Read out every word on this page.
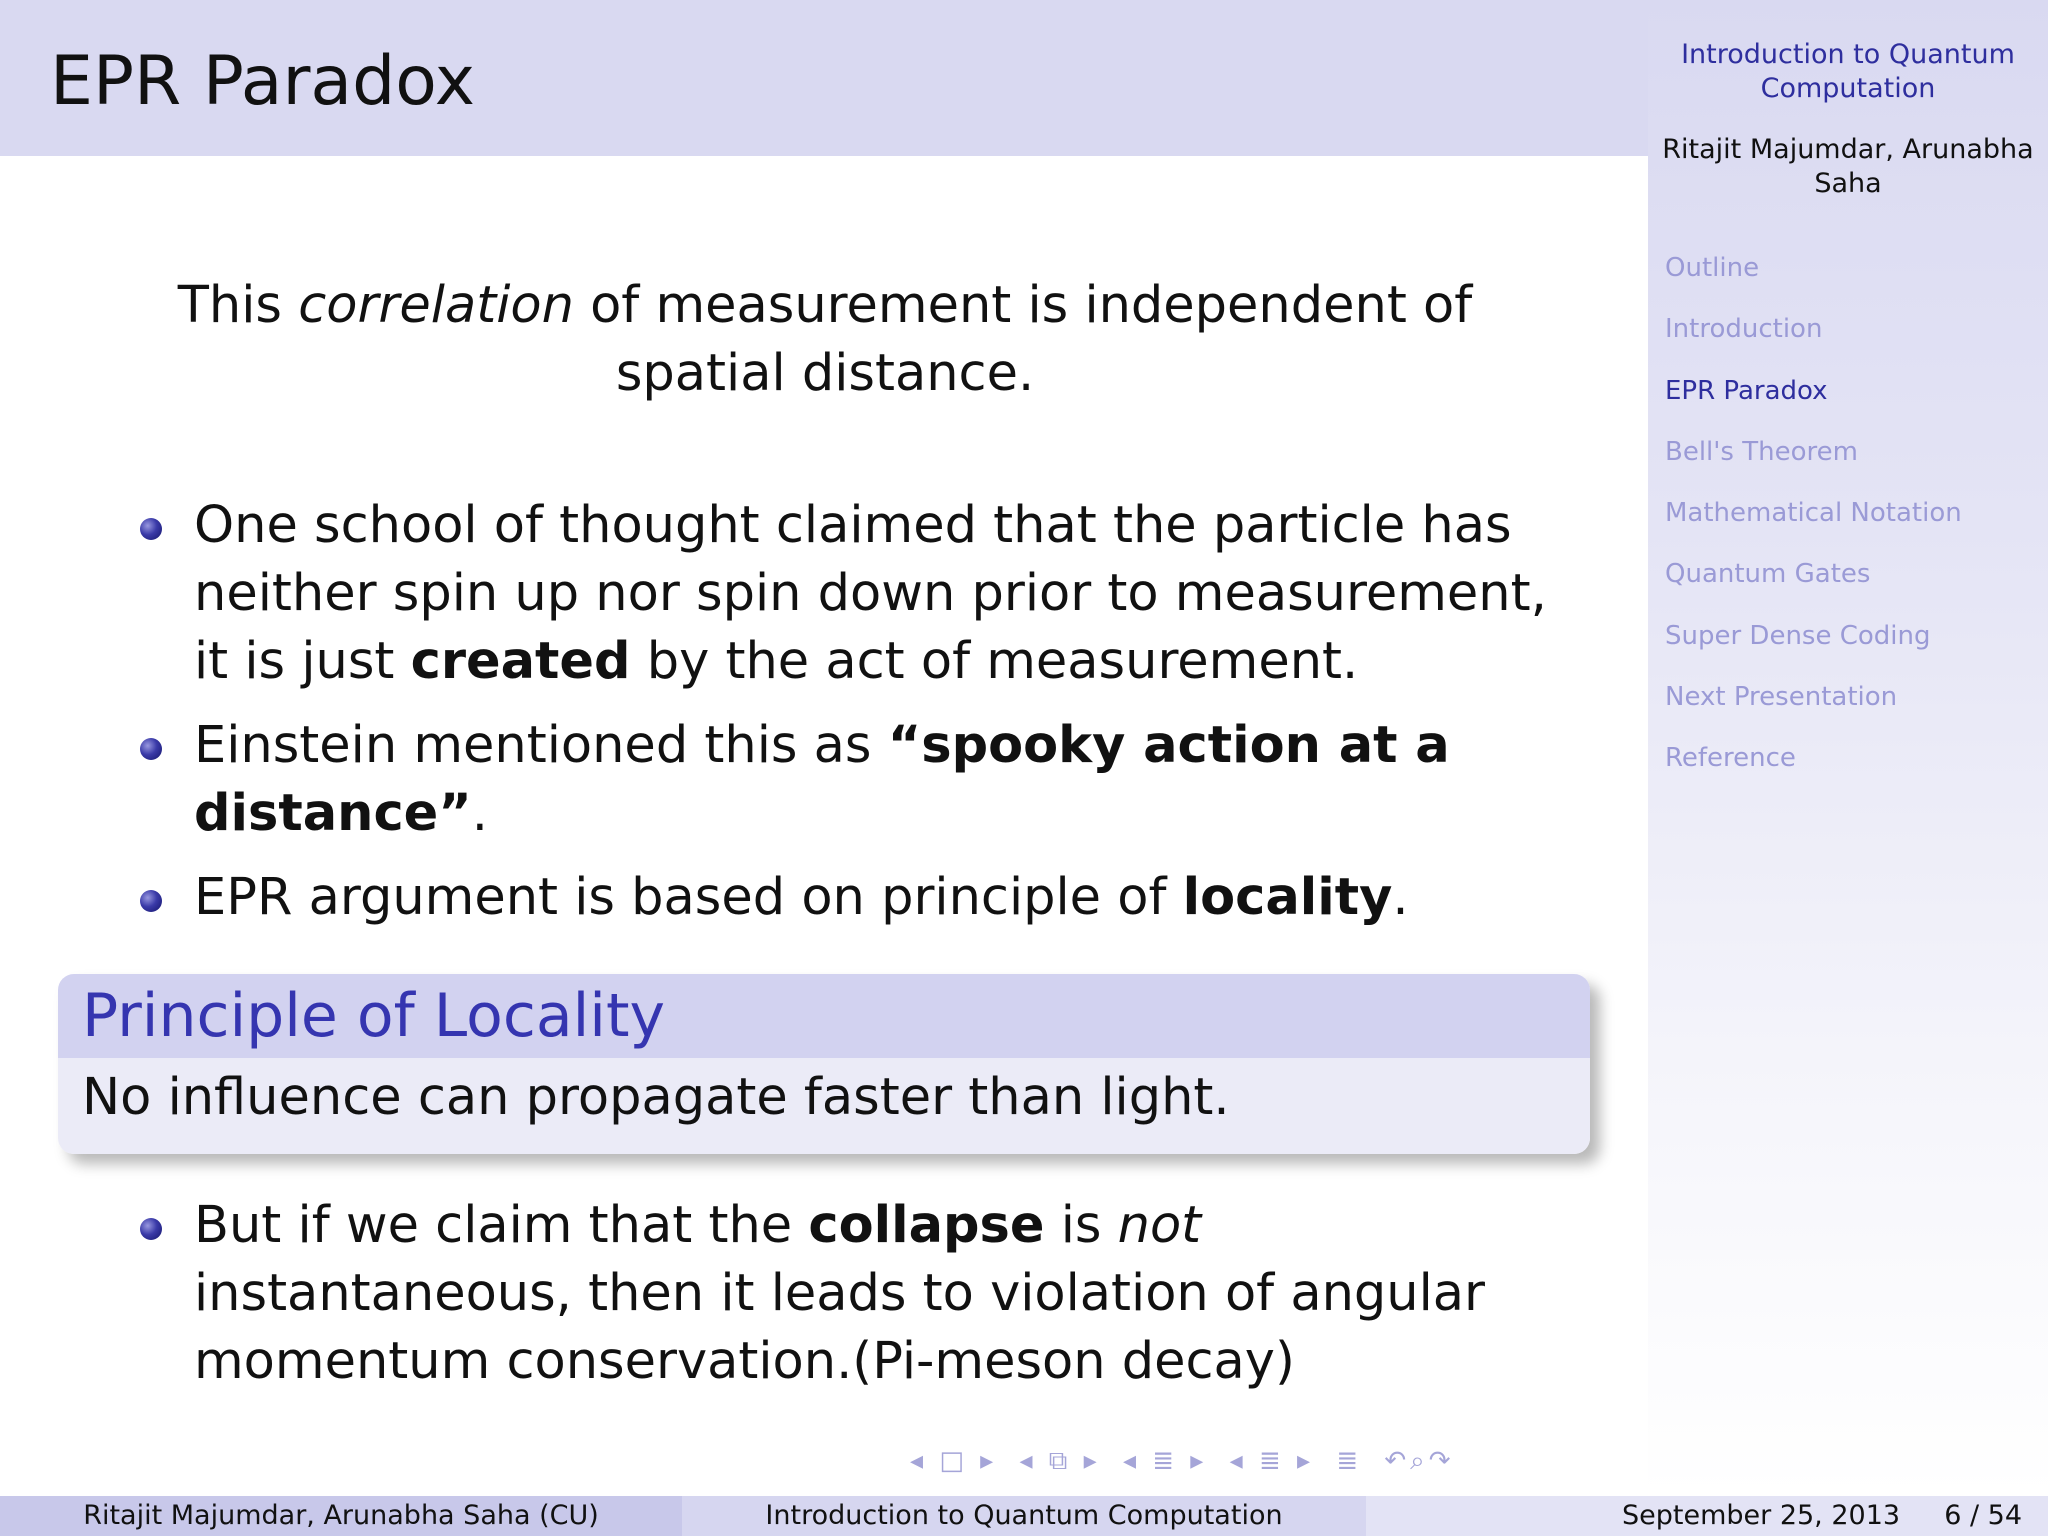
EPR Paradox	Introduction to Quantum Computation
Ritajit Majumdar, Arunabha Saha
Outline
Introduction
EPR Paradox
Bell's Theorem
Mathematical Notation
Quantum Gates
Super Dense Coding
Next Presentation
Reference
This correlation of measurement is independent of spatial distance.
One school of thought claimed that the particle has neither spin up nor spin down prior to measurement, it is just created by the act of measurement.
Einstein mentioned this as “spooky action at a distance”.
EPR argument is based on principle of locality.
Principle of Locality
No influence can propagate faster than light.
But if we claim that the collapse is not instantaneous, then it leads to violation of angular momentum conservation.(Pi-meson decay)
◂ □ ▸ ◂ ⧉ ▸ ◂ ≣ ▸ ◂ ≣ ▸ ≣ ↶⌕↷
Ritajit Majumdar, Arunabha Saha (CU)	Introduction to Quantum Computation	September 25, 2013 6 / 54
